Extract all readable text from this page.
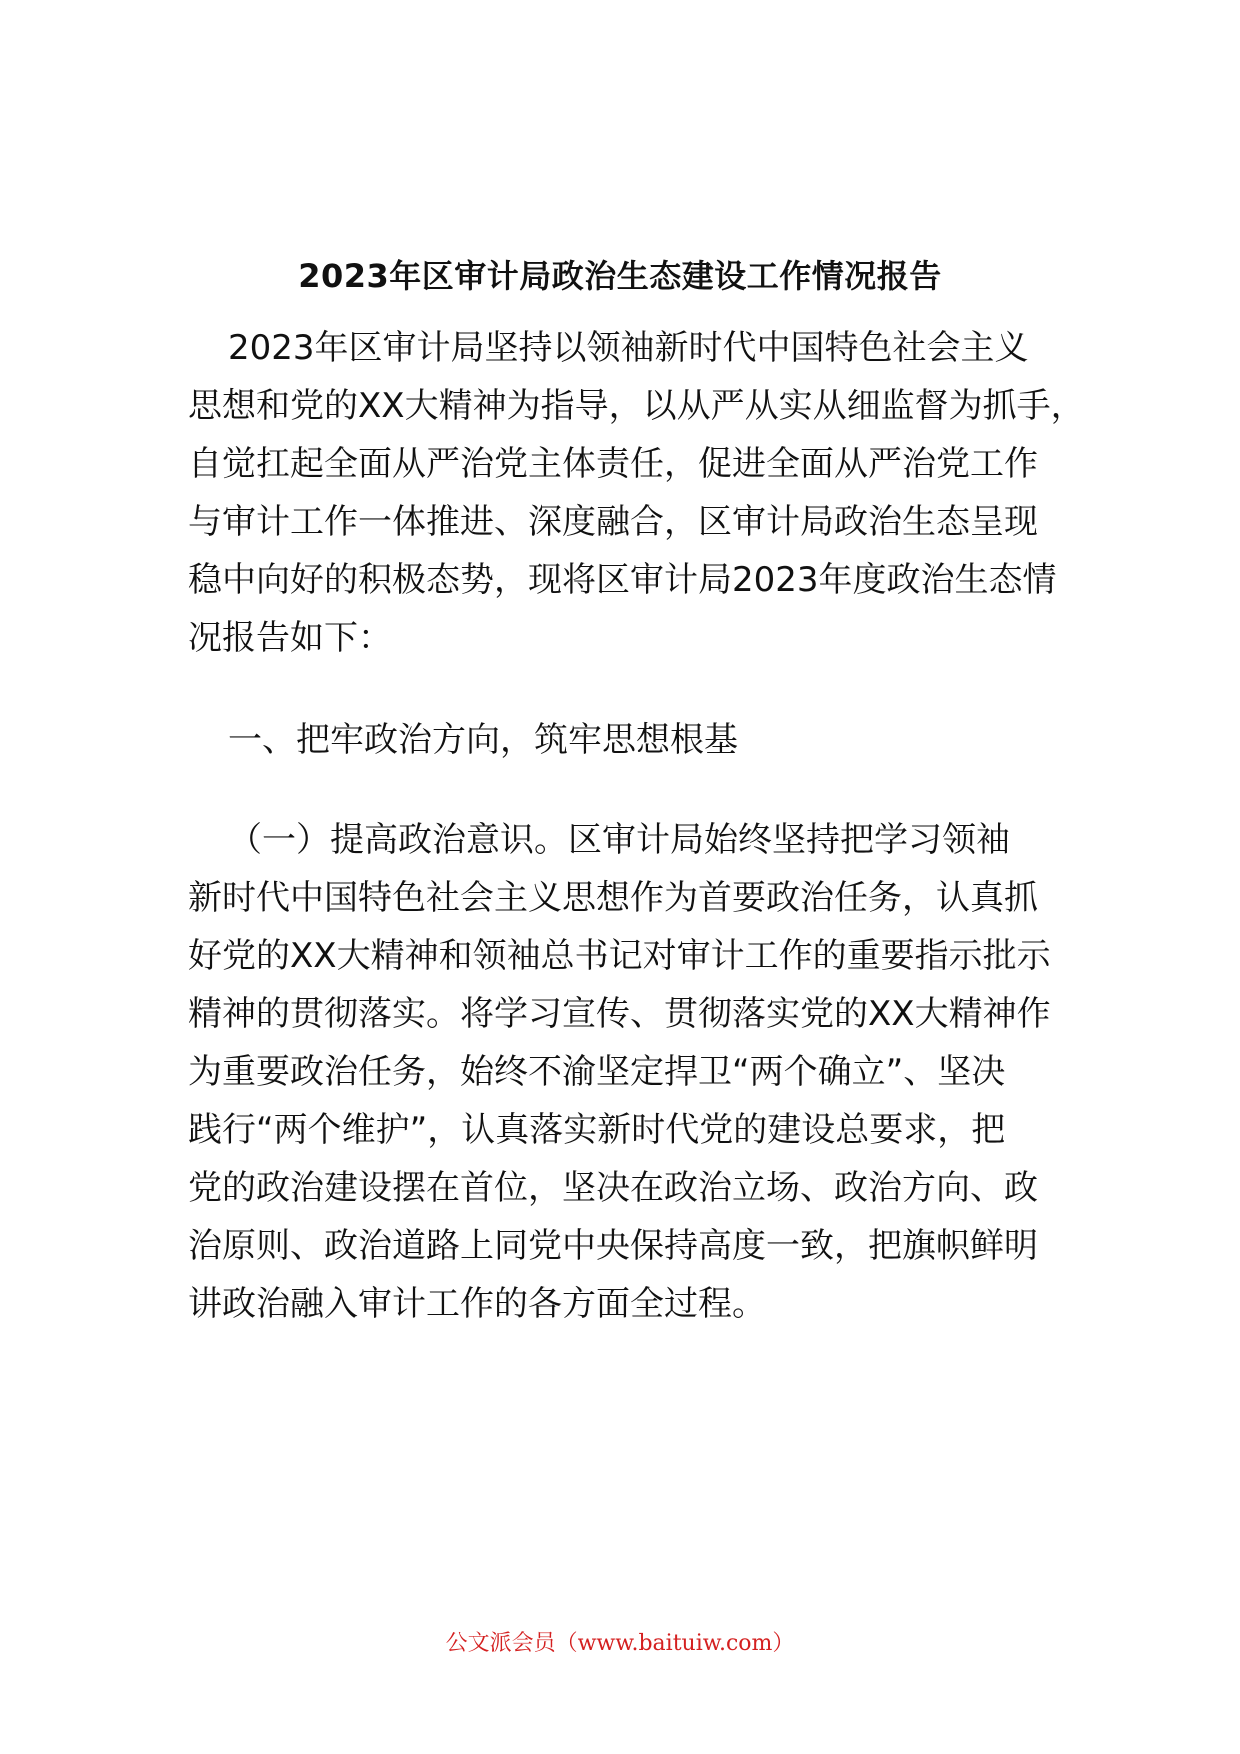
2023年区审计局政治生态建设工作情况报告
2023年区审计局坚持以领袖新时代中国特色社会主义
思想和党的XX大精神为指导，以从严从实从细监督为抓手，
自觉扛起全面从严治党主体责任，促进全面从严治党工作
与审计工作一体推进、深度融合，区审计局政治生态呈现
稳中向好的积极态势，现将区审计局2023年度政治生态情
况报告如下：
一、把牢政治方向，筑牢思想根基
（一）提高政治意识。区审计局始终坚持把学习领袖
新时代中国特色社会主义思想作为首要政治任务，认真抓
好党的XX大精神和领袖总书记对审计工作的重要指示批示
精神的贯彻落实。将学习宣传、贯彻落实党的XX大精神作
为重要政治任务，始终不渝坚定捍卫“两个确立”、坚决
践行“两个维护”，认真落实新时代党的建设总要求，把
党的政治建设摆在首位，坚决在政治立场、政治方向、政
治原则、政治道路上同党中央保持高度一致，把旗帜鲜明
讲政治融入审计工作的各方面全过程。
公文派会员（www.baituiw.com）
